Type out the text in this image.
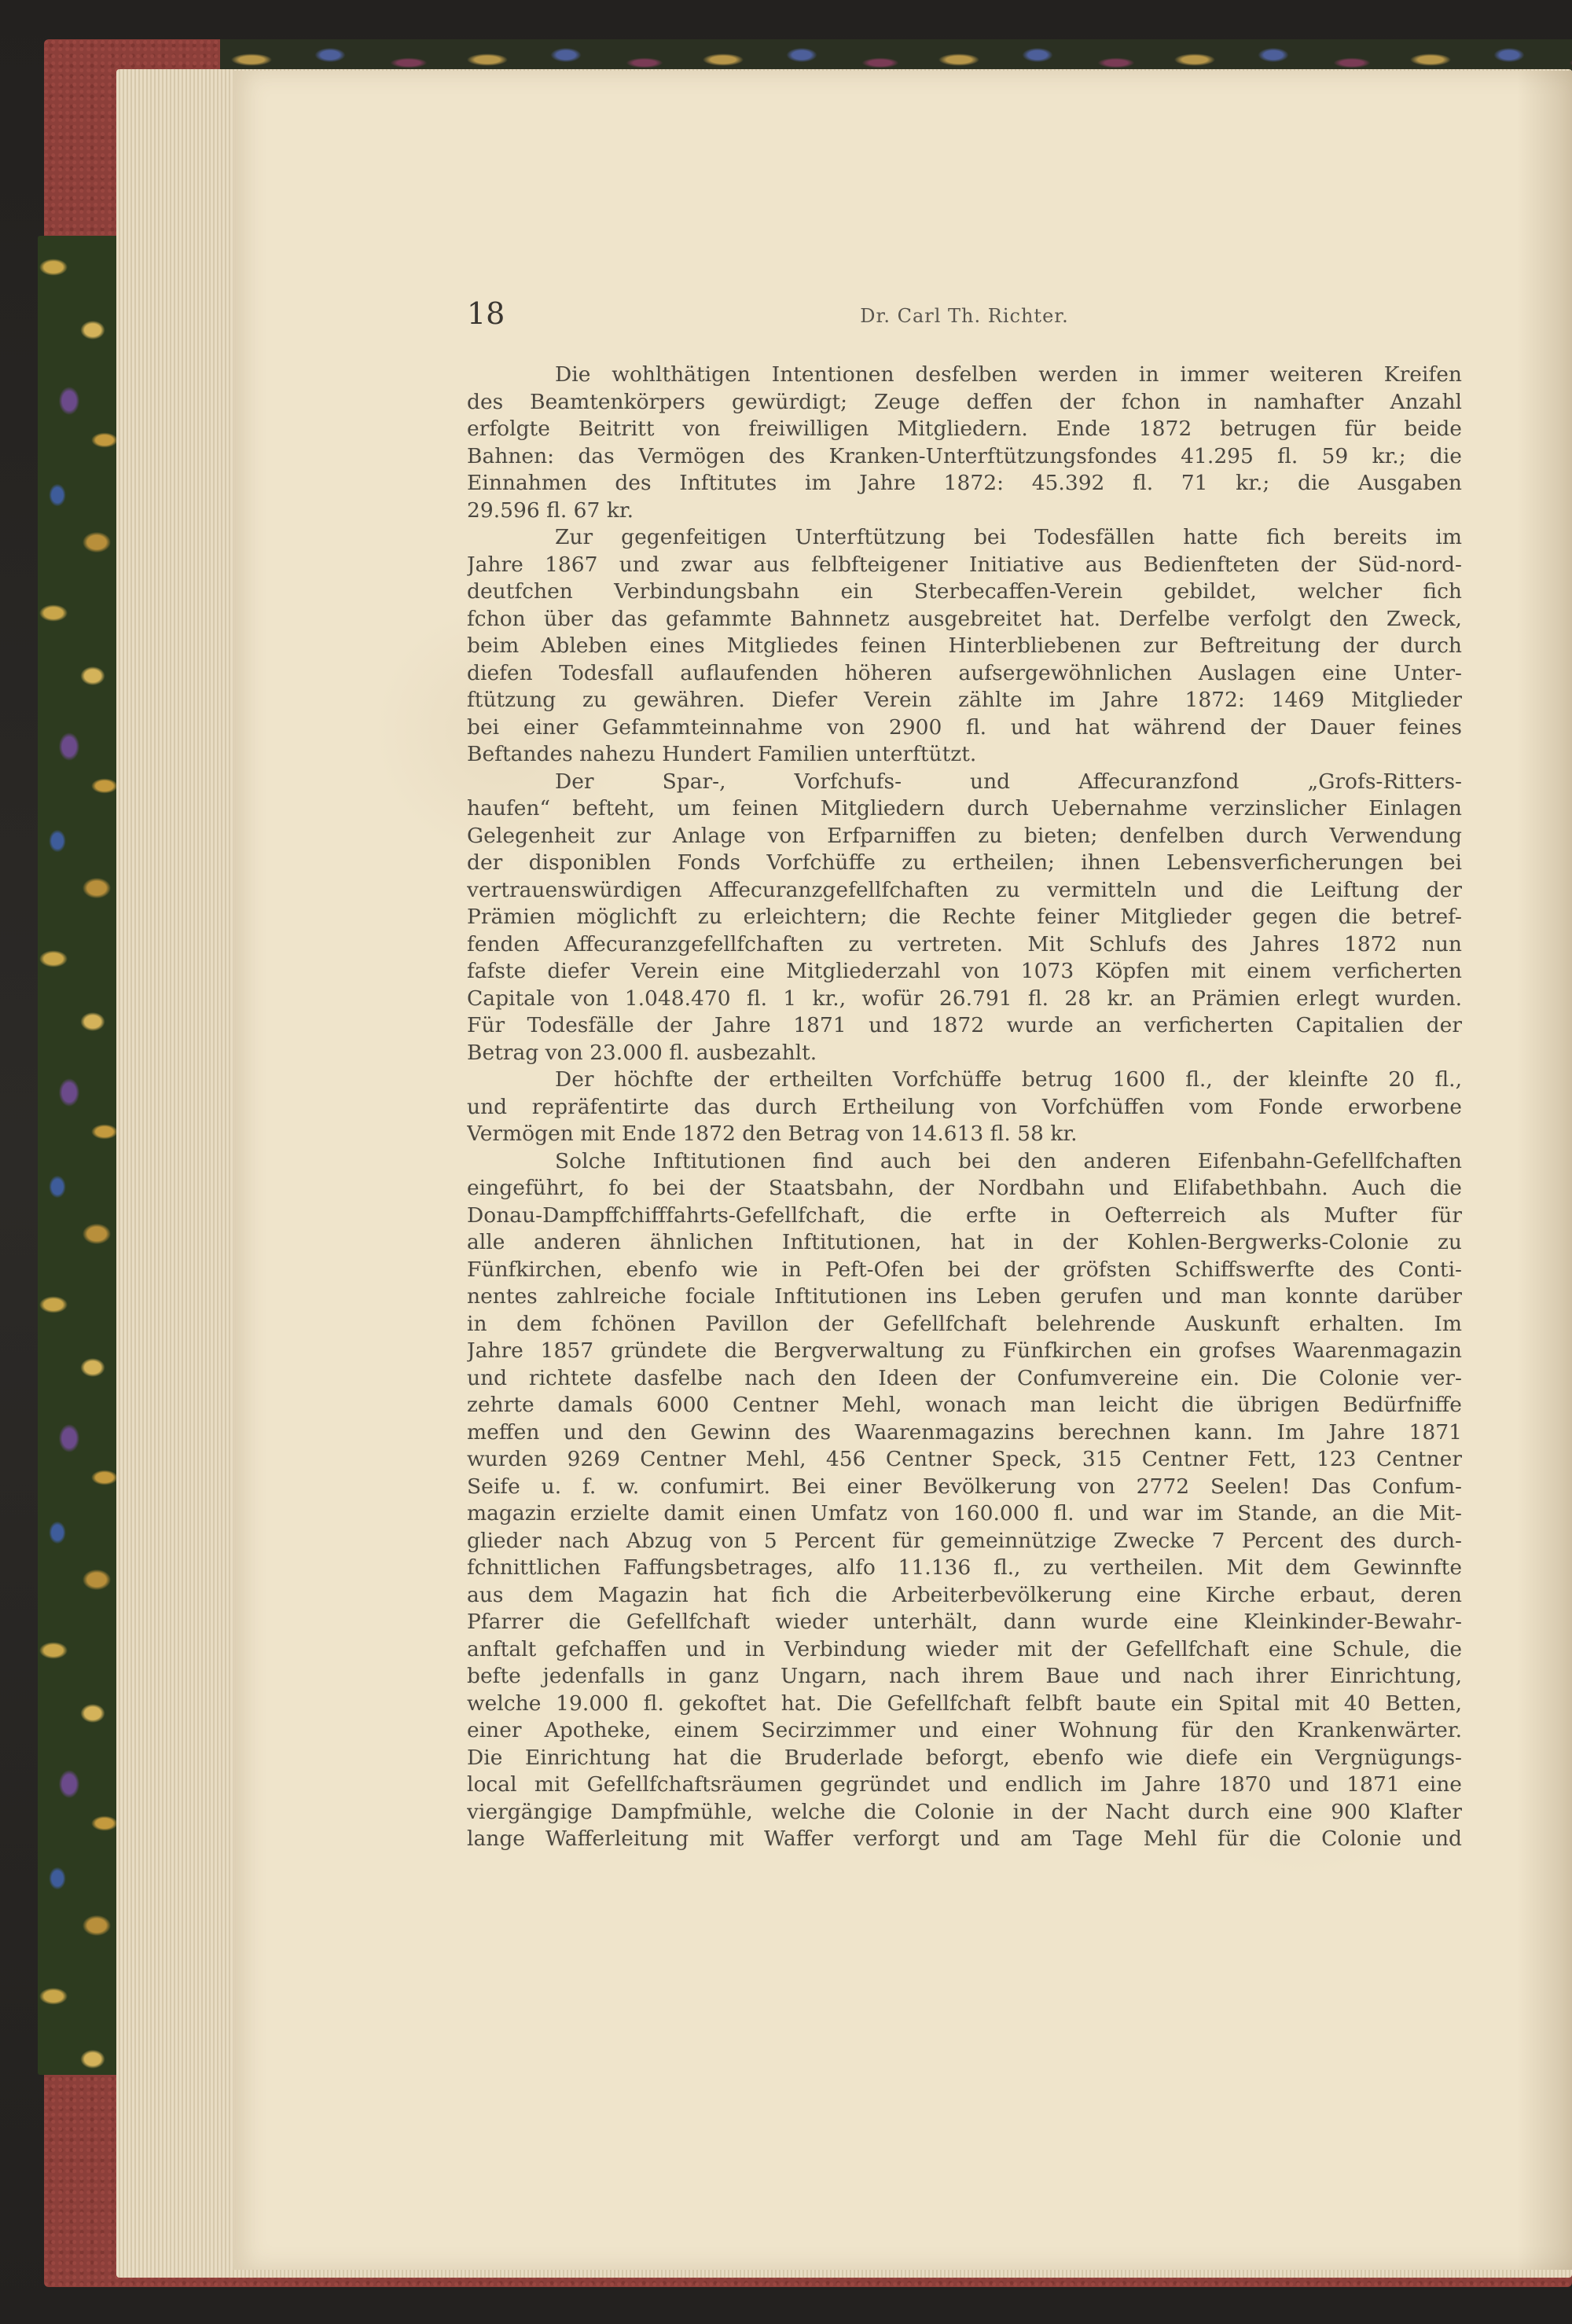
18	Dr. Carl Th. Richter.
Die wohlthätigen Intentionen desfelben werden in immer weiteren Kreifen
des Beamtenkörpers gewürdigt; Zeuge deffen der fchon in namhafter Anzahl
erfolgte Beitritt von freiwilligen Mitgliedern. Ende 1872 betrugen für beide
Bahnen: das Vermögen des Kranken-Unterftützungsfondes 41.295 fl. 59 kr.; die
Einnahmen des Inftitutes im Jahre 1872: 45.392 fl. 71 kr.; die Ausgaben
29.596 fl. 67 kr.
Zur gegenfeitigen Unterftützung bei Todesfällen hatte fich bereits im
Jahre 1867 und zwar aus felbfteigener Initiative aus Bedienfteten der Süd-nord-
deutfchen Verbindungsbahn ein Sterbecaffen-Verein gebildet, welcher fich
fchon über das gefammte Bahnnetz ausgebreitet hat. Derfelbe verfolgt den Zweck,
beim Ableben eines Mitgliedes feinen Hinterbliebenen zur Beftreitung der durch
diefen Todesfall auflaufenden höheren aufsergewöhnlichen Auslagen eine Unter-
ftützung zu gewähren. Diefer Verein zählte im Jahre 1872: 1469 Mitglieder
bei einer Gefammteinnahme von 2900 fl. und hat während der Dauer feines
Beftandes nahezu Hundert Familien unterftützt.
Der Spar-, Vorfchufs- und Affecuranzfond „Grofs-Ritters-
haufen“ befteht, um feinen Mitgliedern durch Uebernahme verzinslicher Einlagen
Gelegenheit zur Anlage von Erfparniffen zu bieten; denfelben durch Verwendung
der disponiblen Fonds Vorfchüffe zu ertheilen; ihnen Lebensverficherungen bei
vertrauenswürdigen Affecuranzgefellfchaften zu vermitteln und die Leiftung der
Prämien möglichft zu erleichtern; die Rechte feiner Mitglieder gegen die betref-
fenden Affecuranzgefellfchaften zu vertreten. Mit Schlufs des Jahres 1872 nun
fafste diefer Verein eine Mitgliederzahl von 1073 Köpfen mit einem verficherten
Capitale von 1.048.470 fl. 1 kr., wofür 26.791 fl. 28 kr. an Prämien erlegt wurden.
Für Todesfälle der Jahre 1871 und 1872 wurde an verficherten Capitalien der
Betrag von 23.000 fl. ausbezahlt.
Der höchfte der ertheilten Vorfchüffe betrug 1600 fl., der kleinfte 20 fl.,
und repräfentirte das durch Ertheilung von Vorfchüffen vom Fonde erworbene
Vermögen mit Ende 1872 den Betrag von 14.613 fl. 58 kr.
Solche Inftitutionen find auch bei den anderen Eifenbahn-Gefellfchaften
eingeführt, fo bei der Staatsbahn, der Nordbahn und Elifabethbahn. Auch die
Donau-Dampffchifffahrts-Gefellfchaft, die erfte in Oefterreich als Mufter für
alle anderen ähnlichen Inftitutionen, hat in der Kohlen-Bergwerks-Colonie zu
Fünfkirchen, ebenfo wie in Peft-Ofen bei der gröfsten Schiffswerfte des Conti-
nentes zahlreiche fociale Inftitutionen ins Leben gerufen und man konnte darüber
in dem fchönen Pavillon der Gefellfchaft belehrende Auskunft erhalten. Im
Jahre 1857 gründete die Bergverwaltung zu Fünfkirchen ein grofses Waarenmagazin
und richtete dasfelbe nach den Ideen der Confumvereine ein. Die Colonie ver-
zehrte damals 6000 Centner Mehl, wonach man leicht die übrigen Bedürfniffe
meffen und den Gewinn des Waarenmagazins berechnen kann. Im Jahre 1871
wurden 9269 Centner Mehl, 456 Centner Speck, 315 Centner Fett, 123 Centner
Seife u. f. w. confumirt. Bei einer Bevölkerung von 2772 Seelen! Das Confum-
magazin erzielte damit einen Umfatz von 160.000 fl. und war im Stande, an die Mit-
glieder nach Abzug von 5 Percent für gemeinnützige Zwecke 7 Percent des durch-
fchnittlichen Faffungsbetrages, alfo 11.136 fl., zu vertheilen. Mit dem Gewinnfte
aus dem Magazin hat fich die Arbeiterbevölkerung eine Kirche erbaut, deren
Pfarrer die Gefellfchaft wieder unterhält, dann wurde eine Kleinkinder-Bewahr-
anftalt gefchaffen und in Verbindung wieder mit der Gefellfchaft eine Schule, die
befte jedenfalls in ganz Ungarn, nach ihrem Baue und nach ihrer Einrichtung,
welche 19.000 fl. gekoftet hat. Die Gefellfchaft felbft baute ein Spital mit 40 Betten,
einer Apotheke, einem Secirzimmer und einer Wohnung für den Krankenwärter.
Die Einrichtung hat die Bruderlade beforgt, ebenfo wie diefe ein Vergnügungs-
local mit Gefellfchaftsräumen gegründet und endlich im Jahre 1870 und 1871 eine
viergängige Dampfmühle, welche die Colonie in der Nacht durch eine 900 Klafter
lange Wafferleitung mit Waffer verforgt und am Tage Mehl für die Colonie und
